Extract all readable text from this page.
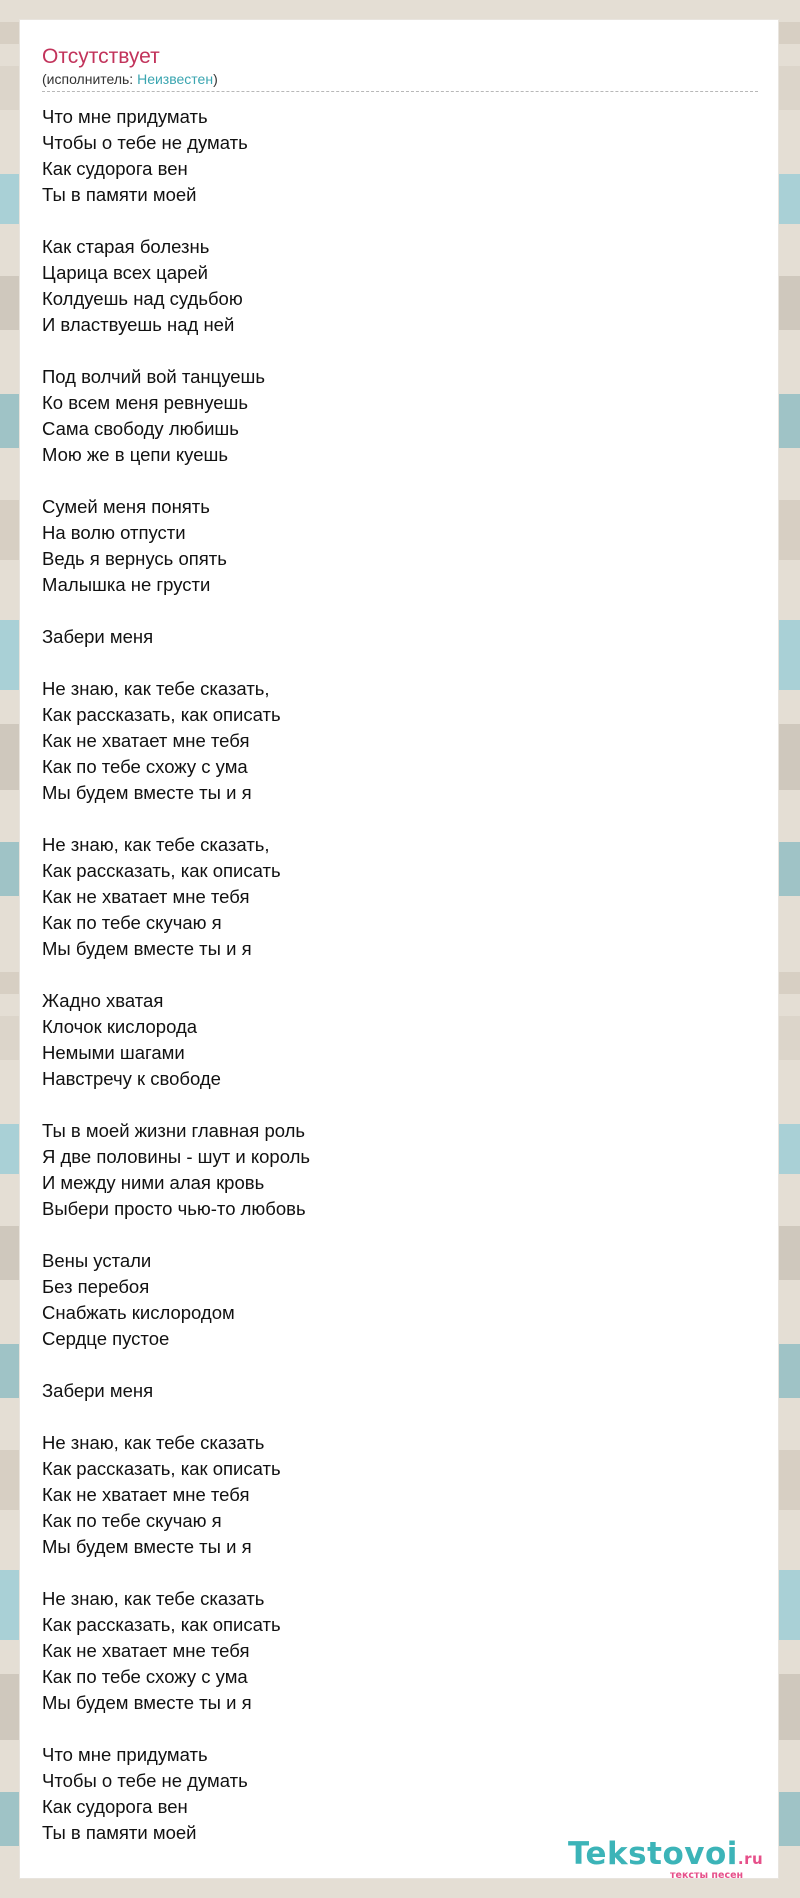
Отсутствует

(исполнитель: Неизвестен)

Что мне придумать
Чтобы о тебе не думать
Как судорога вен
Ты в памяти моей
Как старая болезнь
Царица всех царей
Колдуешь над судьбою
И властвуешь над ней
Под волчий вой танцуешь
Ко всем меня ревнуешь
Сама свободу любишь
Мою же в цепи куешь
Сумей меня понять
На волю отпусти
Ведь я вернусь опять
Малышка не грусти
Забери меня
Не знаю, как тебе сказать,
Как рассказать, как описать
Как не хватает мне тебя
Как по тебе схожу с ума
Мы будем вместе ты и я
Не знаю, как тебе сказать,
Как рассказать, как описать
Как не хватает мне тебя
Как по тебе скучаю я
Мы будем вместе ты и я
Жадно хватая
Клочок кислорода
Немыми шагами
Навстречу к свободе
Ты в моей жизни главная роль
Я две половины - шут и король
И между ними алая кровь
Выбери просто чью-то любовь
Вены устали
Без перебоя
Снабжать кислородом
Сердце пустое
Забери меня
Не знаю, как тебе сказать
Как рассказать, как описать
Как не хватает мне тебя
Как по тебе скучаю я
Мы будем вместе ты и я
Не знаю, как тебе сказать
Как рассказать, как описать
Как не хватает мне тебя
Как по тебе схожу с ума
Мы будем вместе ты и я
Что мне придумать
Чтобы о тебе не думать
Как судорога вен
Ты в памяти моей
Tekstovoi.ru
тексты песен
